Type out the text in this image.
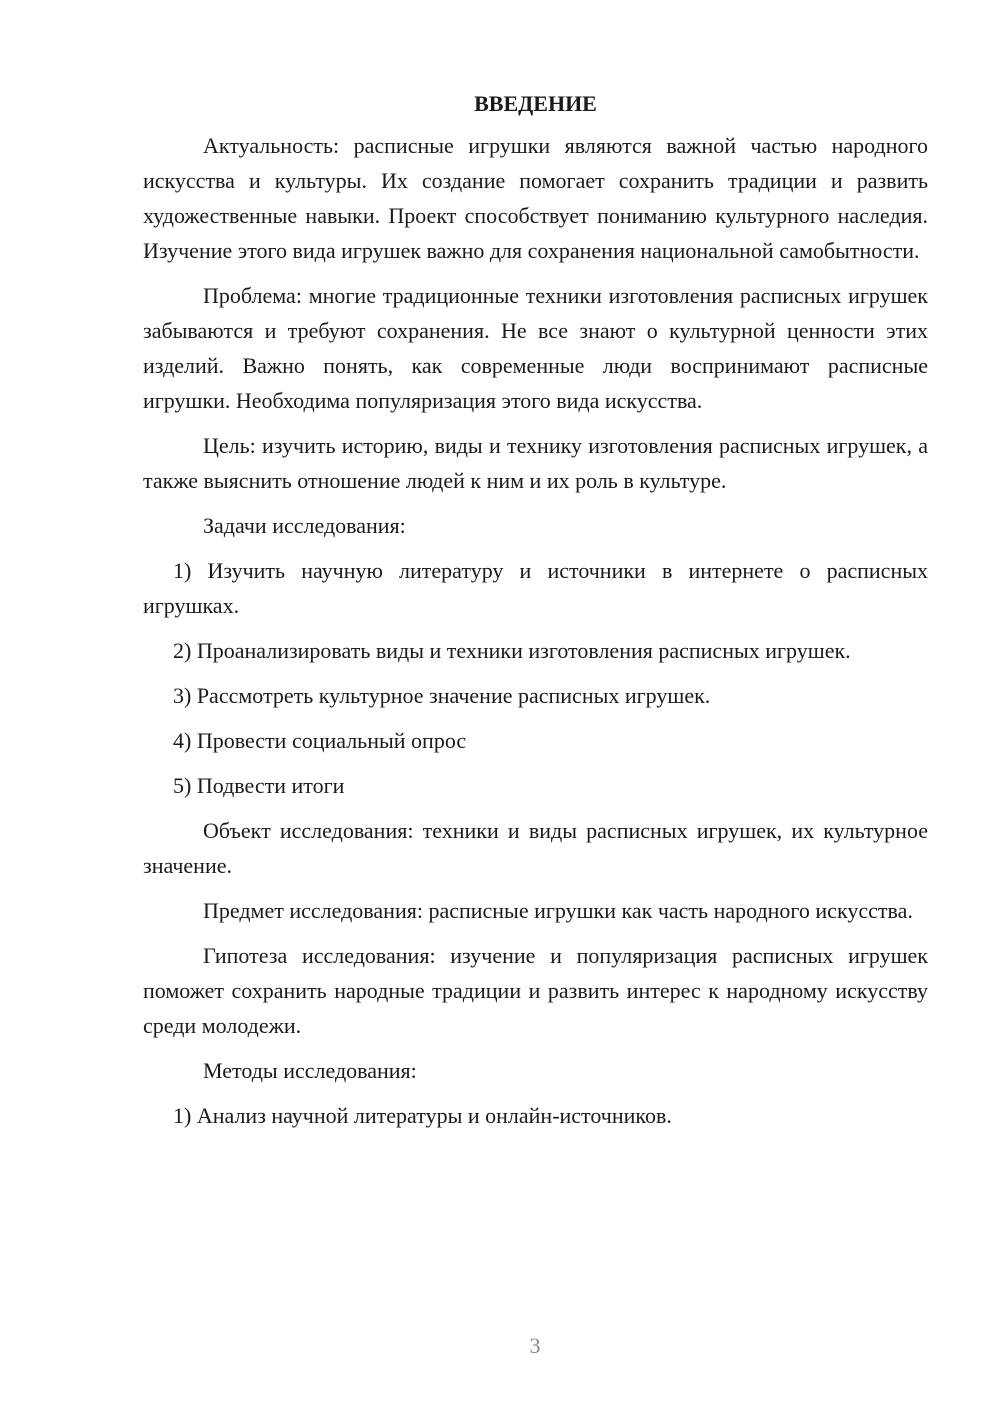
ВВЕДЕНИЕ

Актуальность: расписные игрушки являются важной частью народного искусства и культуры. Их создание помогает сохранить традиции и развить художественные навыки. Проект способствует пониманию культурного наследия. Изучение этого вида игрушек важно для сохранения национальной самобытности.

Проблема: многие традиционные техники изготовления расписных игрушек забываются и требуют сохранения. Не все знают о культурной ценности этих изделий. Важно понять, как современные люди воспринимают расписные игрушки. Необходима популяризация этого вида искусства.

Цель: изучить историю, виды и технику изготовления расписных игрушек, а также выяснить отношение людей к ним и их роль в культуре.

Задачи исследования:

1) Изучить научную литературу и источники в интернете о расписных игрушках.

2) Проанализировать виды и техники изготовления расписных игрушек.

3) Рассмотреть культурное значение расписных игрушек.

4) Провести социальный опрос

5) Подвести итоги

Объект исследования: техники и виды расписных игрушек, их культурное значение.

Предмет исследования: расписные игрушки как часть народного искусства.

Гипотеза исследования: изучение и популяризация расписных игрушек поможет сохранить народные традиции и развить интерес к народному искусству среди молодежи.

Методы исследования:

1) Анализ научной литературы и онлайн-источников.

3
